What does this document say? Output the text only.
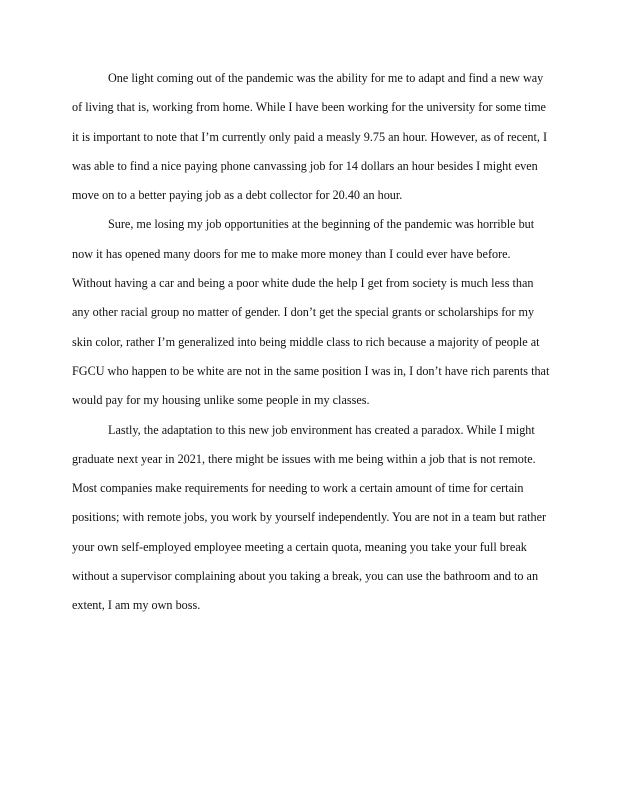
One light coming out of the pandemic was the ability for me to adapt and find a new way of living that is, working from home. While I have been working for the university for some time it is important to note that I’m currently only paid a measly 9.75 an hour. However, as of recent, I was able to find a nice paying phone canvassing job for 14 dollars an hour besides I might even move on to a better paying job as a debt collector for 20.40 an hour.

Sure, me losing my job opportunities at the beginning of the pandemic was horrible but now it has opened many doors for me to make more money than I could ever have before. Without having a car and being a poor white dude the help I get from society is much less than any other racial group no matter of gender. I don’t get the special grants or scholarships for my skin color, rather I’m generalized into being middle class to rich because a majority of people at FGCU who happen to be white are not in the same position I was in, I don’t have rich parents that would pay for my housing unlike some people in my classes.

Lastly, the adaptation to this new job environment has created a paradox. While I might graduate next year in 2021, there might be issues with me being within a job that is not remote. Most companies make requirements for needing to work a certain amount of time for certain positions; with remote jobs, you work by yourself independently. You are not in a team but rather your own self-employed employee meeting a certain quota, meaning you take your full break without a supervisor complaining about you taking a break, you can use the bathroom and to an extent, I am my own boss.
